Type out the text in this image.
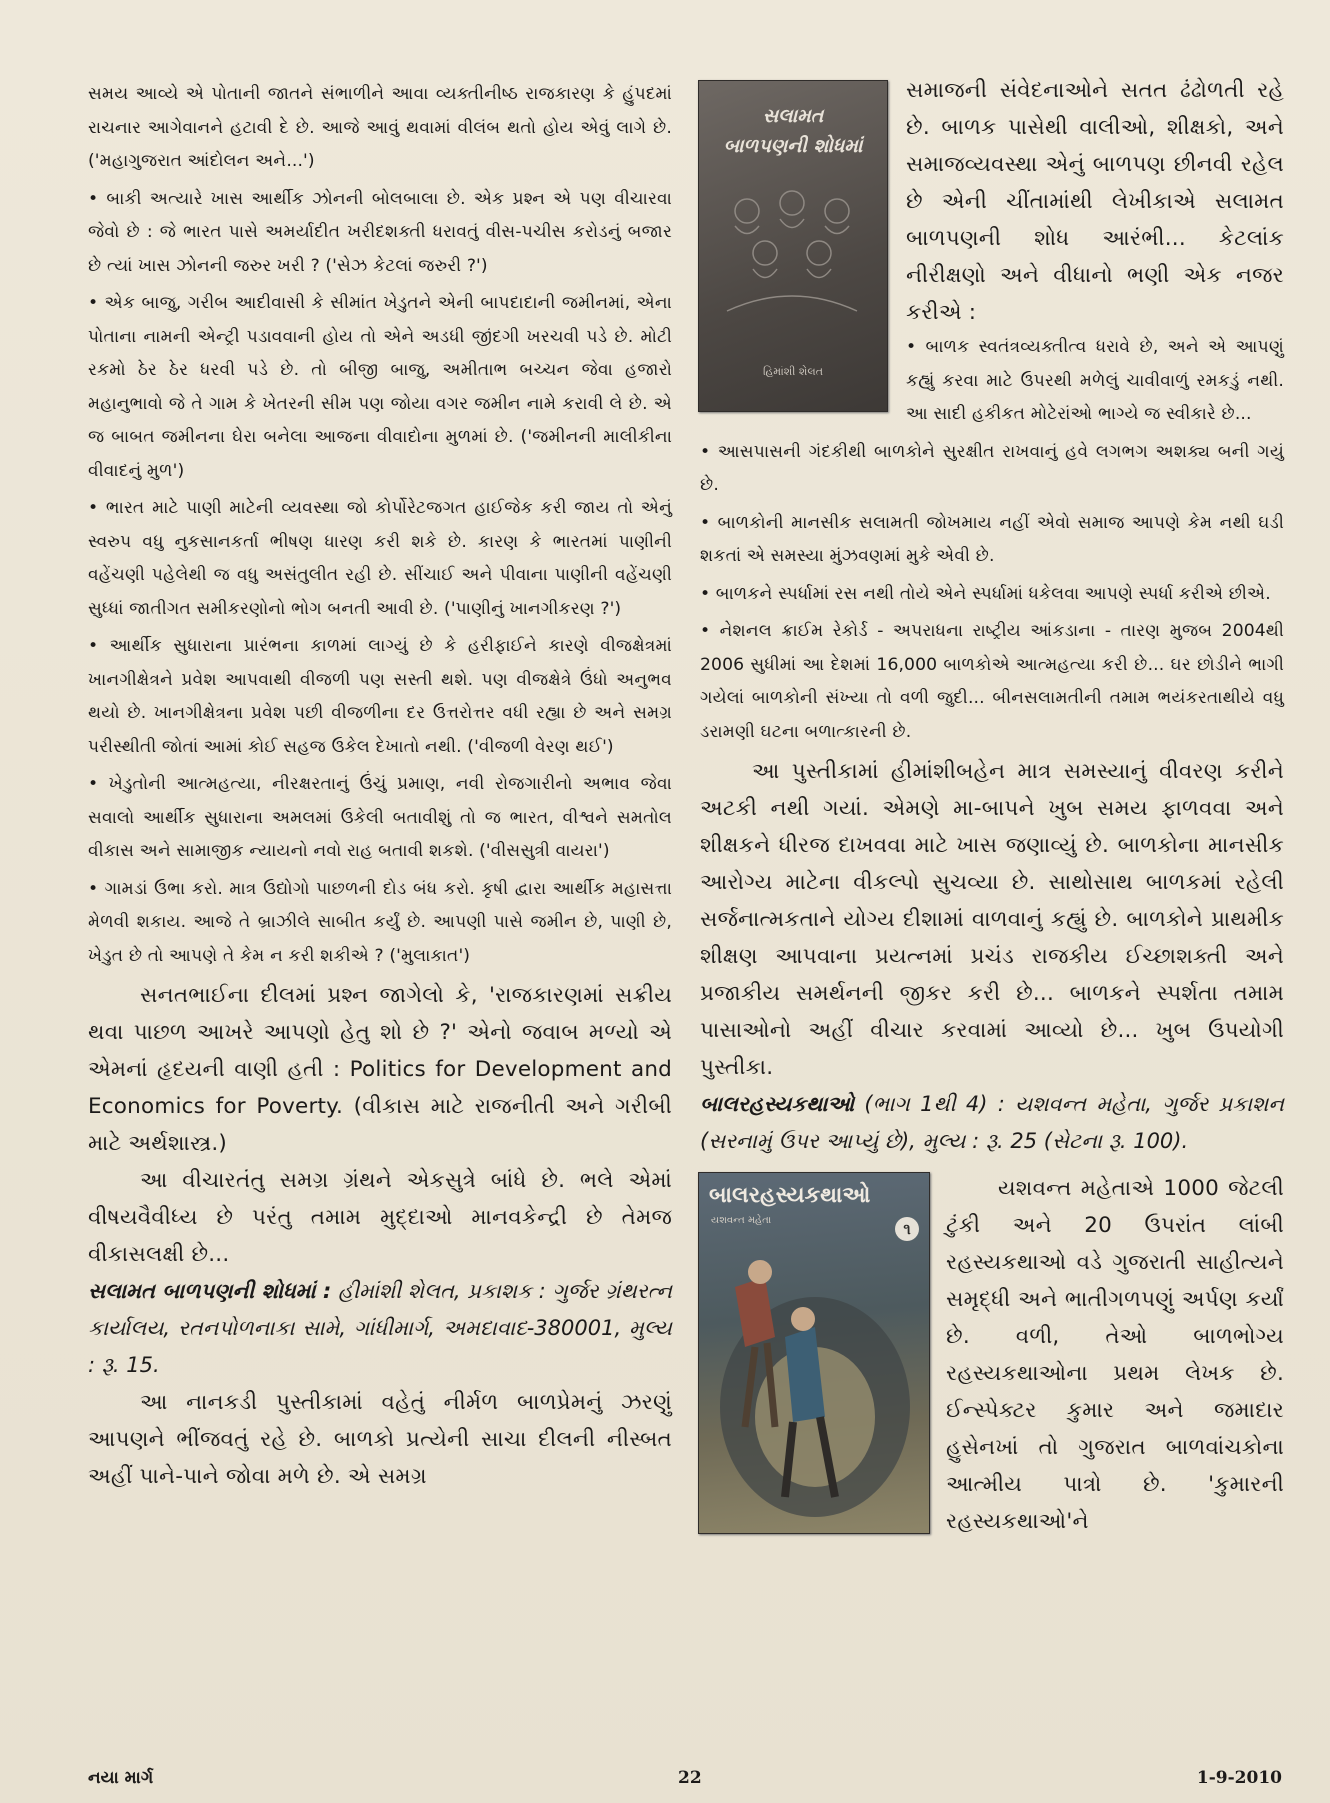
સમય આવ્યે એ પોતાની જાતને સંભાળીને આવા વ્યક્તીનીષ્ઠ રાજકારણ કે હુંપદમાં રાચનાર આગેવાનને હટાવી દે છે. આજે આવું થવામાં વીલંબ થતો હોય એવું લાગે છે. ('મહાગુજરાત આંદોલન અને...')

• બાકી અત્યારે ખાસ આર્થીક ઝોનની બોલબાલા છે. એક પ્રશ્ન એ પણ વીચારવા જેવો છે : જે ભારત પાસે અમર્યાદીત ખરીદશક્તી ધરાવતું વીસ-પચીસ કરોડનું બજાર છે ત્યાં ખાસ ઝોનની જરુર ખરી ? ('સેઝ કેટલાં જરુરી ?')

• એક બાજુ, ગરીબ આદીવાસી કે સીમાંત ખેડુતને એની બાપદાદાની જમીનમાં, એના પોતાના નામની એન્ટ્રી પડાવવાની હોય તો એને અડધી જીંદગી ખરચવી પડે છે. મોટી રકમો ઠેર ઠેર ધરવી પડે છે. તો બીજી બાજુ, અમીતાભ બચ્ચન જેવા હજારો મહાનુભાવો જે તે ગામ કે ખેતરની સીમ પણ જોયા વગર જમીન નામે કરાવી લે છે. એ જ બાબત જમીનના ઘેરા બનેલા આજના વીવાદોના મુળમાં છે. ('જમીનની માલીકીના વીવાદનું મુળ')

• ભારત માટે પાણી માટેની વ્યવસ્થા જો કોર્પોરેટજગત હાઈજેક કરી જાય તો એનું સ્વરુપ વધુ નુકસાનકર્તા ભીષણ ધારણ કરી શકે છે. કારણ કે ભારતમાં પાણીની વહેંચણી પહેલેથી જ વધુ અસંતુલીત રહી છે. સીંચાઈ અને પીવાના પાણીની વહેંચણી સુધ્ધાં જાતીગત સમીકરણોનો ભોગ બનતી આવી છે. ('પાણીનું ખાનગીકરણ ?')

• આર્થીક સુધારાના પ્રારંભના કાળમાં લાગ્યું છે કે હરીફાઈને કારણે વીજક્ષેત્રમાં ખાનગીક્ષેત્રને પ્રવેશ આપવાથી વીજળી પણ સસ્તી થશે. પણ વીજક્ષેત્રે ઉંધો અનુભવ થયો છે. ખાનગીક્ષેત્રના પ્રવેશ પછી વીજળીના દર ઉત્તરોત્તર વધી રહ્યા છે અને સમગ્ર પરીસ્થીતી જોતાં આમાં કોઈ સહજ ઉકેલ દેખાતો નથી. ('વીજળી વેરણ થઈ')

• ખેડુતોની આત્મહત્યા, નીરક્ષરતાનું ઉંચું પ્રમાણ, નવી રોજગારીનો અભાવ જેવા સવાલો આર્થીક સુધારાના અમલમાં ઉકેલી બતાવીશું તો જ ભારત, વીશ્વને સમતોલ વીકાસ અને સામાજીક ન્યાયનો નવો રાહ બતાવી શકશે. ('વીસસુત્રી વાયરા')

• ગામડાં ઉભા કરો. માત્ર ઉદ્યોગો પાછળની દોડ બંધ કરો. કૃષી દ્વારા આર્થીક મહાસત્તા મેળવી શકાય. આજે તે બ્રાઝીલે સાબીત કર્યું છે. આપણી પાસે જમીન છે, પાણી છે, ખેડુત છે તો આપણે તે કેમ ન કરી શકીએ ? ('મુલાકાત')

સનતભાઈના દીલમાં પ્રશ્ન જાગેલો કે, 'રાજકારણમાં સક્રીય થવા પાછળ આખરે આપણો હેતુ શો છે ?' એનો જવાબ મળ્યો એ એમનાં હૃદયની વાણી હતી : Politics for Development and Economics for Poverty. (વીકાસ માટે રાજનીતી અને ગરીબી માટે અર્થશાસ્ત્ર.)

આ વીચારતંતુ સમગ્ર ગ્રંથને એકસુત્રે બાંધે છે. ભલે એમાં વીષયવૈવીધ્ય છે પરંતુ તમામ મુદ્દાઓ માનવકેન્દ્રી છે તેમજ વીકાસલક્ષી છે...

સલામત બાળપણની શોધમાં : હીમાંશી શેલત, પ્રકાશક : ગુર્જર ગ્રંથરત્ન કાર્યાલય, રતનપોળનાકા સામે, ગાંધીમાર્ગ, અમદાવાદ-380001, મુલ્ય : રૂ. 15.

આ નાનકડી પુસ્તીકામાં વહેતું નીર્મળ બાળપ્રેમનું ઝરણું આપણને ભીંજવતું રહે છે. બાળકો પ્રત્યેની સાચા દીલની નીસ્બત અહીં પાને-પાને જોવા મળે છે. એ સમગ્ર

સલામત
બાળપણની શોધમાં
હિમાંશી શેલત

સમાજની સંવેદનાઓને સતત ઢંઢોળતી રહે છે. બાળક પાસેથી વાલીઓ, શીક્ષકો, અને સમાજવ્યવસ્થા એનું બાળપણ છીનવી રહેલ છે એની ચીંતામાંથી લેખીકાએ સલામત બાળપણની શોધ આરંભી... કેટલાંક નીરીક્ષણો અને વીધાનો ભણી એક નજર કરીએ :

• બાળક સ્વતંત્રવ્યક્તીત્વ ધરાવે છે, અને એ આપણું કહ્યું કરવા માટે ઉપરથી મળેલું ચાવીવાળું રમકડું નથી. આ સાદી હકીકત મોટેરાંઓ ભાગ્યે જ સ્વીકારે છે...

• આસપાસની ગંદકીથી બાળકોને સુરક્ષીત રાખવાનું હવે લગભગ અશક્ય બની ગયું છે.

• બાળકોની માનસીક સલામતી જોખમાય નહીં એવો સમાજ આપણે કેમ નથી ઘડી શકતાં એ સમસ્યા મુંઝવણમાં મુકે એવી છે.

• બાળકને સ્પર્ધામાં રસ નથી તોયે એને સ્પર્ધામાં ધકેલવા આપણે સ્પર્ધા કરીએ છીએ.

• નેશનલ ક્રાઈમ રેકોર્ડ - અપરાધના રાષ્ટ્રીય આંકડાના - તારણ મુજબ 2004થી 2006 સુધીમાં આ દેશમાં 16,000 બાળકોએ આત્મહત્યા કરી છે... ઘર છોડીને ભાગી ગયેલાં બાળકોની સંખ્યા તો વળી જુદી... બીનસલામતીની તમામ ભયંકરતાથીયે વધુ ડરામણી ઘટના બળાત્કારની છે.

આ પુસ્તીકામાં હીમાંશીબહેન માત્ર સમસ્યાનું વીવરણ કરીને અટકી નથી ગયાં. એમણે મા-બાપને ખુબ સમય ફાળવવા અને શીક્ષકને ધીરજ દાખવવા માટે ખાસ જણાવ્યું છે. બાળકોના માનસીક આરોગ્ય માટેના વીકલ્પો સુચવ્યા છે. સાથોસાથ બાળકમાં રહેલી સર્જનાત્મકતાને યોગ્ય દીશામાં વાળવાનું કહ્યું છે. બાળકોને પ્રાથમીક શીક્ષણ આપવાના પ્રયત્નમાં પ્રચંડ રાજકીય ઈચ્છાશક્તી અને પ્રજાકીય સમર્થનની જીકર કરી છે... બાળકને સ્પર્શતા તમામ પાસાઓનો અહીં વીચાર કરવામાં આવ્યો છે... ખુબ ઉપયોગી પુસ્તીકા.

બાલરહસ્યકથાઓ (ભાગ 1થી 4) : યશવન્ત મહેતા, ગુર્જર પ્રકાશન (સરનામું ઉપર આપ્યું છે), મુલ્ય : રૂ. 25 (સેટના રૂ. 100).

બાલરહસ્યકથાઓ
યશવન્ત મહેતા	૧

યશવન્ત મહેતાએ 1000 જેટલી ટુંકી અને 20 ઉપરાંત લાંબી રહસ્યકથાઓ વડે ગુજરાતી સાહીત્યને સમૃદ્ધી અને ભાતીગળપણું અર્પણ કર્યાં છે. વળી, તેઓ બાળભોગ્ય રહસ્યકથાઓના પ્રથમ લેખક છે. ઈન્સ્પેક્ટર કુમાર અને જમાદાર હુસેનખાં તો ગુજરાત બાળવાંચકોના આત્મીય પાત્રો છે. 'કુમારની રહસ્યકથાઓ'ને

નયા માર્ગ	22	1-9-2010
